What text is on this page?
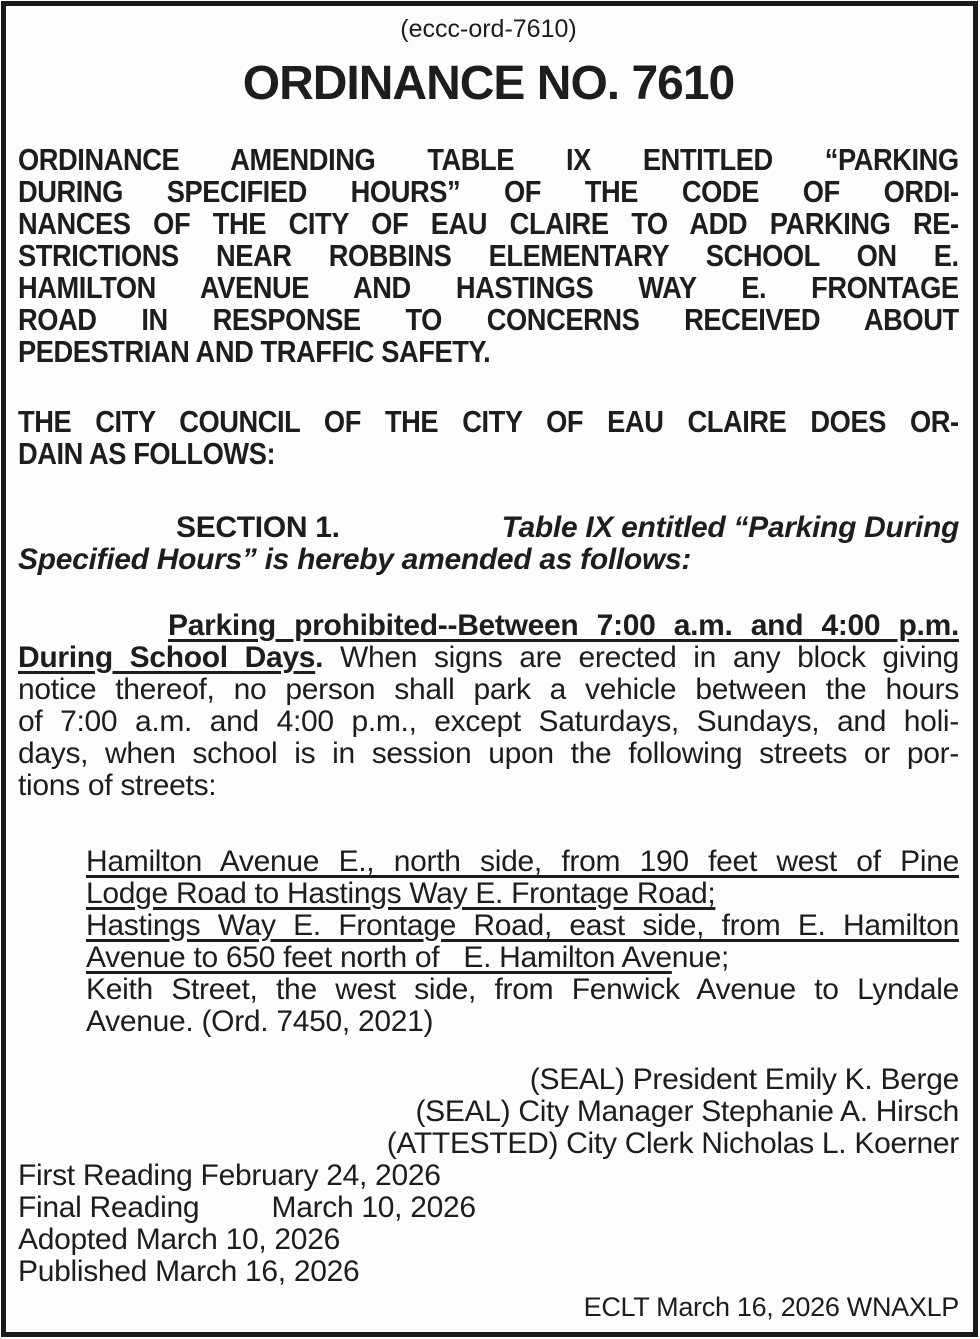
(eccc-ord-7610)
ORDINANCE NO. 7610
ORDINANCE AMENDING TABLE IX ENTITLED “PARKING
DURING SPECIFIED HOURS” OF THE CODE OF ORDI-
NANCES OF THE CITY OF EAU CLAIRE TO ADD PARKING RE-
STRICTIONS NEAR ROBBINS ELEMENTARY SCHOOL ON E.
HAMILTON AVENUE AND HASTINGS WAY E. FRONTAGE
ROAD IN RESPONSE TO CONCERNS RECEIVED ABOUT
PEDESTRIAN AND TRAFFIC SAFETY.
THE CITY COUNCIL OF THE CITY OF EAU CLAIRE DOES OR-
DAIN AS FOLLOWS:
SECTION 1.	Table IX entitled “Parking During
Specified Hours” is hereby amended as follows:
Parking prohibited--Between 7:00 a.m. and 4:00 p.m.
During School Days. When signs are erected in any block giving
notice thereof, no person shall park a vehicle between the hours
of 7:00 a.m. and 4:00 p.m., except Saturdays, Sundays, and holi-
days, when school is in session upon the following streets or por-
tions of streets:
Hamilton Avenue E., north side, from 190 feet west of Pine
Lodge Road to Hastings Way E. Frontage Road;
Hastings Way E. Frontage Road, east side, from E. Hamilton
Avenue to 650 feet north of   E. Hamilton Avenue;
Keith Street, the west side, from Fenwick Avenue to Lyndale
Avenue. (Ord. 7450, 2021)
(SEAL) President Emily K. Berge
(SEAL) City Manager Stephanie A. Hirsch
(ATTESTED) City Clerk Nicholas L. Koerner
First Reading February 24, 2026
Final Reading         March 10, 2026
Adopted March 10, 2026
Published March 16, 2026
ECLT March 16, 2026 WNAXLP
